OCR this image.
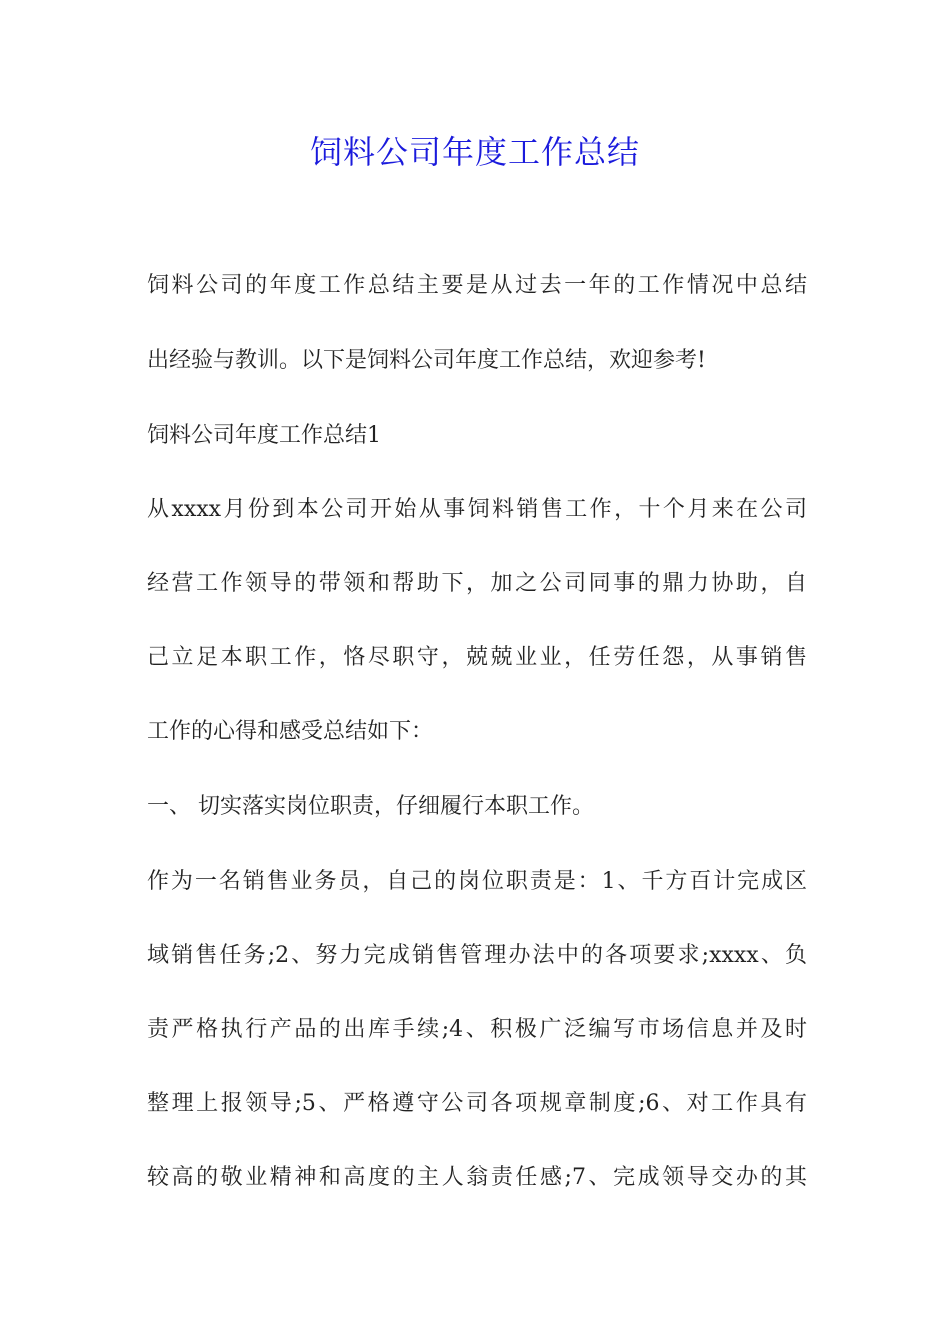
饲料公司年度工作总结

饲料公司的年度工作总结主要是从过去一年的工作情况中总结

出经验与教训。以下是饲料公司年度工作总结，欢迎参考!

饲料公司年度工作总结1

从xxxx月份到本公司开始从事饲料销售工作，十个月来在公司

经营工作领导的带领和帮助下，加之公司同事的鼎力协助，自

己立足本职工作，恪尽职守，兢兢业业，任劳任怨，从事销售

工作的心得和感受总结如下：

一、 切实落实岗位职责，仔细履行本职工作。

作为一名销售业务员，自己的岗位职责是：1、千方百计完成区

域销售任务;2、努力完成销售管理办法中的各项要求;xxxx、负

责严格执行产品的出库手续;4、积极广泛编写市场信息并及时

整理上报领导;5、严格遵守公司各项规章制度;6、对工作具有

较高的敬业精神和高度的主人翁责任感;7、完成领导交办的其
